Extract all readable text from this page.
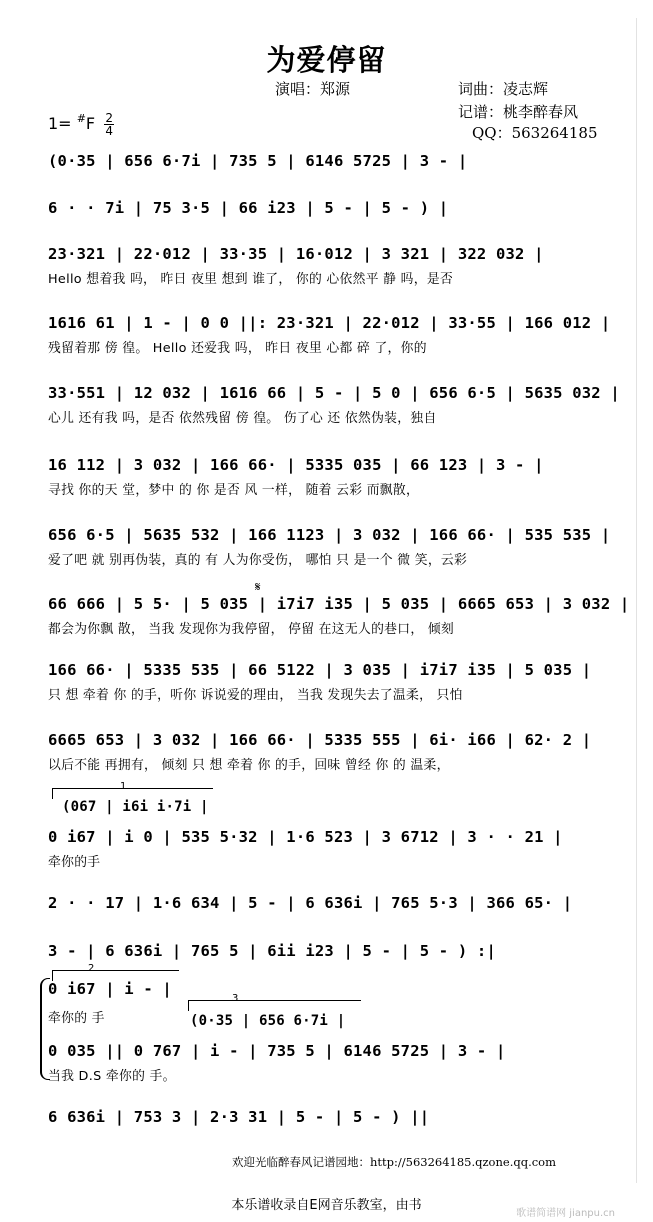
为爱停留
演唱：郑源	词曲：凌志辉
记谱：桃李醉春风
QQ：563264185
$1= ^{\#}F \frac{2}{4}$
(0·35 | 656 6·7i | 735 5 | 6146 5725 | 3 - |
6 · · 7i | 75 3·5 | 66 i23 | 5 - | 5 - ) |
23·321 | 22·012 | 33·35 | 16·012 | 3 321 | 322 032 |
Hello 想着我 吗， 昨日 夜里 想到 谁了， 你的 心依然平 静 吗，是否
1616 61 | 1 - | 0 0 ||: 23·321 | 22·012 | 33·55 | 166 012 |
残留着那 傍 徨。 Hello 还爱我 吗， 昨日 夜里 心都 碎 了，你的
33·551 | 12 032 | 1616 66 | 5 - | 5 0 | 656 6·5 | 5635 032 |
心儿 还有我 吗，是否 依然残留 傍 徨。 伤了心 还 依然伪装，独自
16 112 | 3 032 | 166 66· | 5335 035 | 66 123 | 3 - |
寻找 你的天 堂，梦中 的 你 是否 风 一样， 随着 云彩 而飘散，
656 6·5 | 5635 532 | 166 1123 | 3 032 | 166 66· | 535 535 |
爱了吧 就 别再伪装，真的 有 人为你受伤， 哪怕 只 是一个 微 笑，云彩
𝄋
66 666 | 5 5· | 5 035 | i7i7 i35 | 5 035 | 6665 653 | 3 032 |
都会为你飘 散， 当我 发现你为我停留， 停留 在这无人的巷口， 倾刻
166 66· | 5335 535 | 66 5122 | 3 035 | i7i7 i35 | 5 035 |
只 想 牵着 你 的手，听你 诉说爱的理由， 当我 发现失去了温柔， 只怕
6665 653 | 3 032 | 166 66· | 5335 555 | 6i· i66 | 62· 2 |
以后不能 再拥有， 倾刻 只 想 牵着 你 的手，回味 曾经 你 的 温柔，
1
(067 | i6i i·7i |
0 i67 | i 0 | 535 5·32 | 1·6 523 | 3 6712 | 3 · · 21 |
牵你的手
2 · · 17 | 1·6 634 | 5 - | 6 636i | 765 5·3 | 366 65· |
3 - | 6 636i | 765 5 | 6ii i23 | 5 - | 5 - ) :|
2
0 i67 | i - |
牵你的 手
3
(0·35 | 656 6·7i |
0 035 || 0 767 | i - | 735 5 | 6146 5725 | 3 - |
当我 D.S 牵你的 手。
6 636i | 753 3 | 2·3 31 | 5 - | 5 - ) ||
欢迎光临醉春风记谱园地：http://563264185.qzone.qq.com
本乐谱收录自E网音乐教室，由书
歌谱简谱网 jianpu.cn
